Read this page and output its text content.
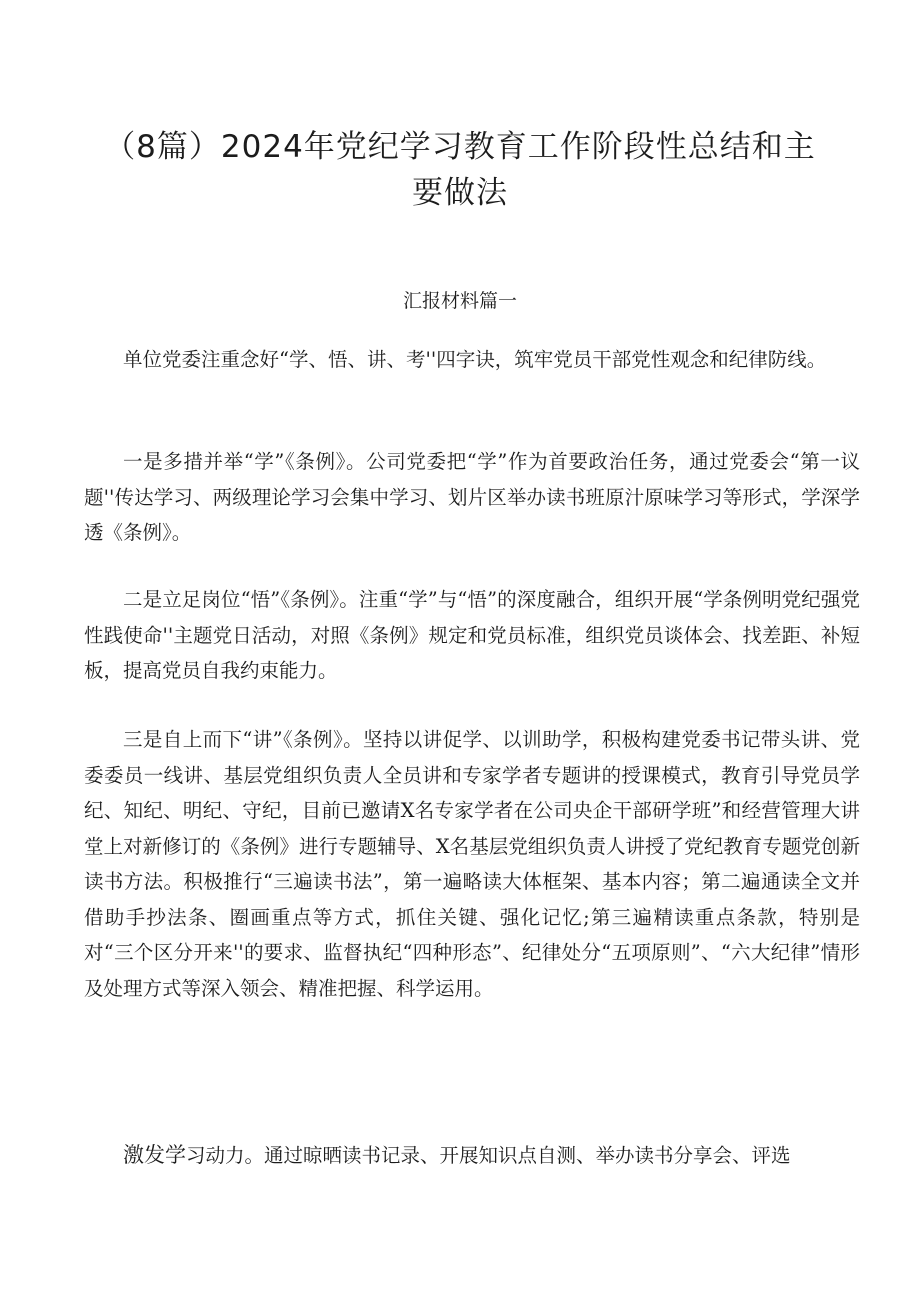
（8篇）2024年党纪学习教育工作阶段性总结和主
要做法
汇报材料篇一

单位党委注重念好“学、悟、讲、考''四字诀，筑牢党员干部党性观念和纪律防线。

一是多措并举“学”《条例》。公司党委把“学”作为首要政治任务，通过党委会“第一议题''传达学习、两级理论学习会集中学习、划片区举办读书班原汁原味学习等形式，学深学透《条例》。

二是立足岗位“悟”《条例》。注重“学”与“悟”的深度融合，组织开展“学条例明党纪强党性践使命''主题党日活动，对照《条例》规定和党员标准，组织党员谈体会、找差距、补短板，提高党员自我约束能力。

三是自上而下“讲”《条例》。坚持以讲促学、以训助学，积极构建党委书记带头讲、党委委员一线讲、基层党组织负责人全员讲和专家学者专题讲的授课模式，教育引导党员学纪、知纪、明纪、守纪，目前已邀请X名专家学者在公司央企干部研学班”和经营管理大讲堂上对新修订的《条例》进行专题辅导、X名基层党组织负责人讲授了党纪教育专题党创新读书方法。积极推行“三遍读书法”，第一遍略读大体框架、基本内容；第二遍通读全文并借助手抄法条、圈画重点等方式，抓住关键、强化记忆;第三遍精读重点条款，特别是对“三个区分开来''的要求、监督执纪“四种形态”、纪律处分“五项原则”、“六大纪律”情形及处理方式等深入领会、精准把握、科学运用。

激发学习动力。通过晾晒读书记录、开展知识点自测、举办读书分享会、评选
